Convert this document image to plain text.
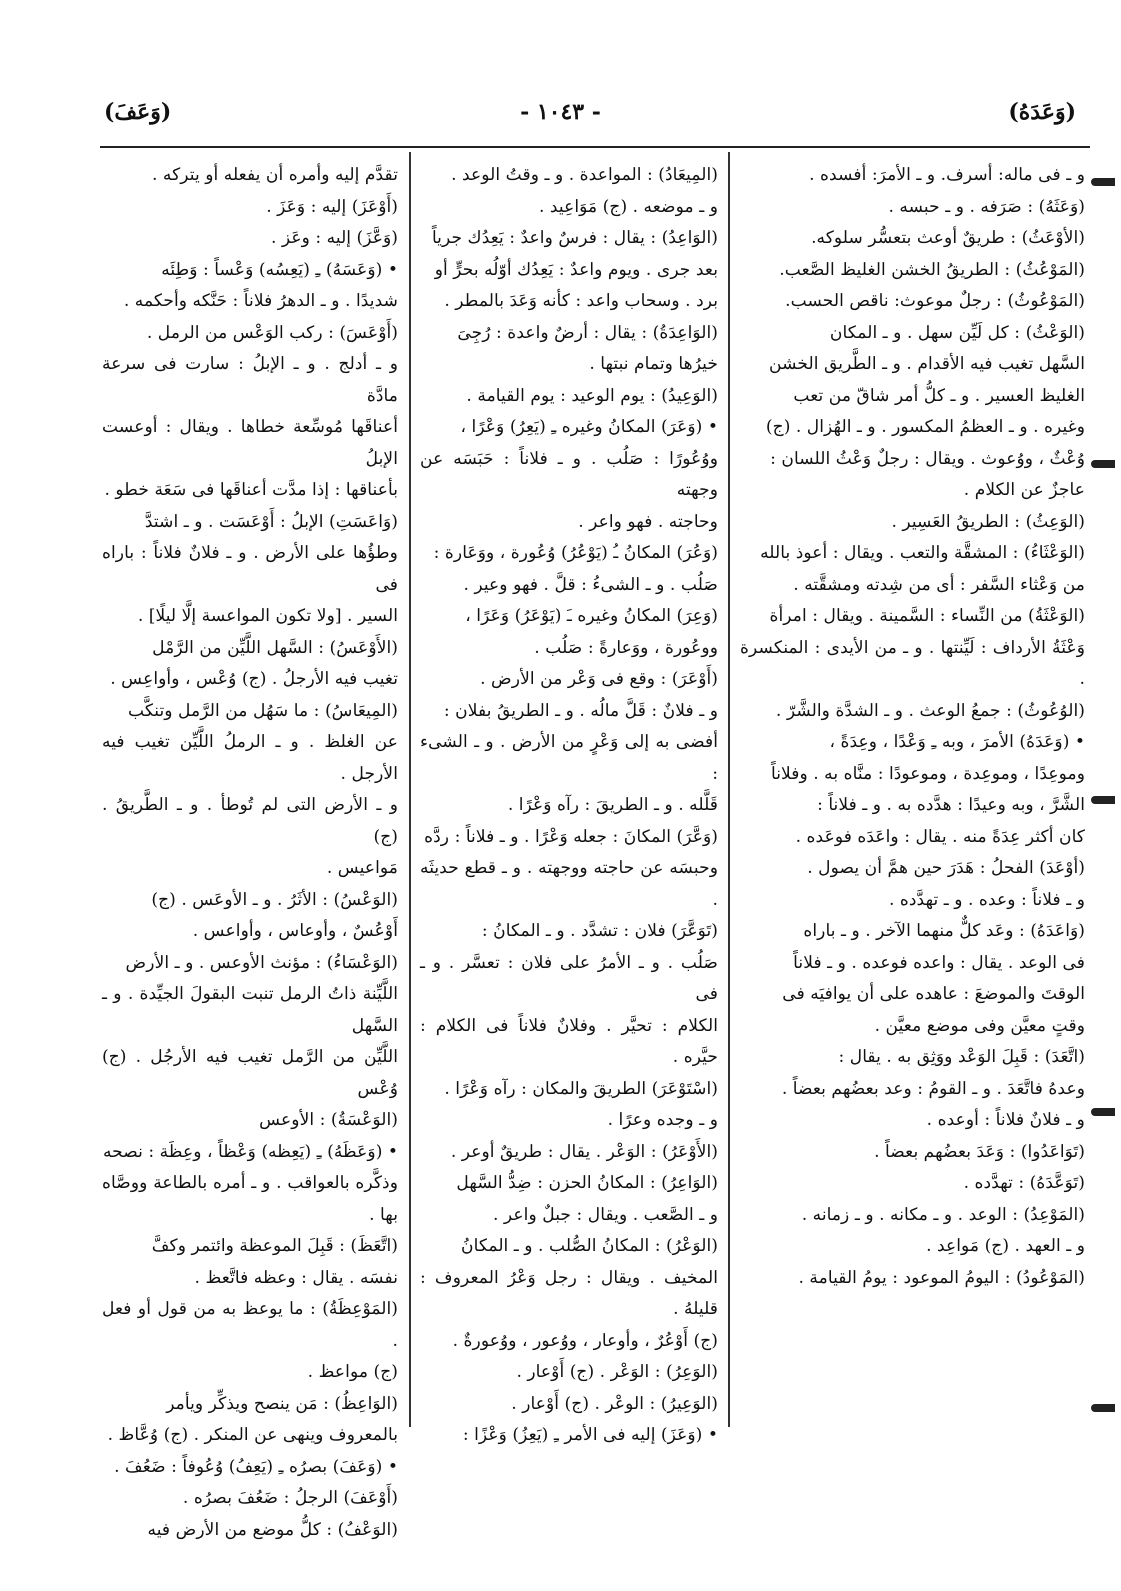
(وَعَدَهُ)
- ١٠٤٣ -
(وَعَفَ)

و ـ فى ماله: أسرف. و ـ الأمرَ: أفسده .

(وَعَثَهُ) : صَرَفه . و ـ حبسه .

(الأوْعَثُ) : طريقٌ أوعث بتعسُّر سلوكه.

(المَوْعُثُ) : الطريقُ الخشن الغليظ الصَّعب.

(المَوْعُوثُ) : رجلٌ موعوث: ناقص الحسب.

(الوَعْثُ) : كل لَيِّن سهل . و ـ المكان

السَّهل تغيب فيه الأقدام . و ـ الطَّريق الخشن

الغليظ العسير . و ـ كلُّ أمر شاقّ من تعب

وغيره . و ـ العظمُ المكسور . و ـ الهُزال . (ج)

وُعْثٌ ، ووُعوث . ويقال : رجلٌ وَعْثُ اللسان :

عاجزٌ عن الكلام .

(الوَعِثُ) : الطريقُ العَسِير .

(الوَعْثَاءُ) : المشقَّة والتعب . ويقال : أعوذ بالله

من وَعْثاء السَّفر : أى من شِدته ومشقَّته .

(الوَعْثَةُ) من النِّساء : السَّمينة . ويقال : امرأة

وَعْثَةُ الأرداف : لَيِّنتها . و ـ من الأيدى : المنكسرة .

(الوُعُوثُ) : جمعُ الوعث . و ـ الشدَّة والشَّرّ .

• (وَعَدَهُ) الأمرَ ، وبه ـِ وَعْدًا ، وعِدَةً ،

وموعِدًا ، وموعِدة ، وموعودًا : منَّاه به . وفلاناً

الشَّرَّ ، وبه وعيدًا : هدَّده به . و ـ فلاناً :

كان أكثر عِدَةً منه . يقال : واعَدَه فوعَده .

(أوْعَدَ) الفحلُ : هَدَرَ حين همَّ أن يصول .

و ـ فلاناً : وعده . و ـ تهدَّده .

(وَاعَدَهُ) : وعَد كلٌّ منهما الآخر . و ـ باراه

فى الوعد . يقال : واعده فوعده . و ـ فلاناً

الوقتَ والموضعَ : عاهده على أن يوافيَه فى

وقتٍ معيَّن وفى موضع معيَّن .

(اتَّعَدَ) : قَبِلَ الوَعْد ووَثِق به . يقال :

وعدهُ فاتَّعَدَ . و ـ القومُ : وعد بعضُهم بعضاً .

و ـ فلانٌ فلاناً : أوعده .

(تَوَاعَدُوا) : وَعَدَ بعضُهم بعضاً .

(تَوَعَّدَهُ) : تهدَّده .

(المَوْعِدُ) : الوعد . و ـ مكانه . و ـ زمانه .

و ـ العهد . (ج) مَواعِد .

(المَوْعُودُ) : اليومُ الموعود : يومُ القيامة .

(المِيعَادُ) : المواعدة . و ـ وقتُ الوعد .

و ـ موضعه . (ج) مَوَاعِيد .

(الوَاعِدُ) : يقال : فرسٌ واعدٌ : يَعِدُك جرياً

بعد جرى . ويوم واعدٌ : يَعِدُك أوّلُه بحرٍّ أو

برد . وسحاب واعد : كأنه وَعَدَ بالمطر .

(الوَاعِدَةُ) : يقال : أرضٌ واعدة : رُجِىَ

خيرُها وتمام نبتها .

(الوَعِيدُ) : يوم الوعيد : يوم القيامة .

• (وَعَرَ) المكانُ وغيره ـِ (يَعِرُ) وَعْرًا ،

ووُعُورًا : صَلُب . و ـ فلاناً : حَبَسَه عن وجهته

وحاجته . فهو واعر .

(وَعُرَ) المكانُ ـُ (يَوْعُرُ) وُعُورة ، ووَعَارة :

صَلُب . و ـ الشىءُ : قلَّ . فهو وعير .

(وَعِرَ) المكانُ وغيره ـَ (يَوْعَرُ) وَعَرًا ،

ووعُورة ، ووَعارةً : صَلُب .

(أَوْعَرَ) : وقع فى وَعْر من الأرض .

و ـ فلانٌ : قَلَّ مالُه . و ـ الطريقُ بفلان :

أفضى به إلى وَعْرٍ من الأرض . و ـ الشىء :

قَلَّله . و ـ الطريقَ : رآه وَعْرًا .

(وَعَّرَ) المكانَ : جعله وَعْرًا . و ـ فلاناً : ردَّه

وحبسَه عن حاجته ووجهته . و ـ قطع حديثَه .

(تَوَعَّرَ) فلان : تشدَّد . و ـ المكانُ :

صَلُب . و ـ الأمرُ على فلان : تعسَّر . و ـ فى

الكلام : تحيَّر . وفلانٌ فلاناً فى الكلام : حيَّره .

(اسْتَوْعَرَ) الطريقَ والمكان : رآه وَعْرًا .

و ـ وجده وعرًا .

(الأَوْعَرُ) : الوَعْر . يقال : طريقٌ أوعر .

(الوَاعِرُ) : المكانُ الحزن : ضِدُّ السَّهل

و ـ الصَّعب . ويقال : جبلٌ واعر .

(الوَعْرُ) : المكانُ الصُّلب . و ـ المكانُ

المخيف . ويقال : رجل وَعْرُ المعروف : قليلهُ .

(ج) أَوْعُرٌ ، وأوعار ، ووُعور ، ووُعورةٌ .

(الوَعِرُ) : الوَعْر . (ج) أَوْعار .

(الوَعِيرُ) : الوعْر . (ج) أَوْعار .

• (وَعَزَ) إليه فى الأمر ـِ (يَعِزُ) وَعْزًا :

تقدَّم إليه وأمره أن يفعله أو يتركه .

(أَوْعَزَ) إليه : وَعَزَ .

(وَعَّزَ) إليه : وعَز .

• (وَعَسَهُ) ـِ (يَعِسُه) وَعْساً : وَطِئَه

شديدًا . و ـ الدهرُ فلاناً : حَنَّكه وأحكمه .

(أَوْعَسَ) : ركب الوَعْس من الرمل .

و ـ أدلج . و ـ الإبلُ : سارت فى سرعة مادَّة

أعناقَها مُوسِّعة خطاها . ويقال : أوعست الإبلُ

بأعناقها : إذا مدَّت أعناقَها فى سَعَة خطو .

(وَاعَسَتِ) الإبلُ : أَوْعَسَت . و ـ اشتدَّ

وطؤُها على الأرض . و ـ فلانٌ فلاناً : باراه فى

السير . [ولا تكون المواعسة إلَّا ليلًا] .

(الأَوْعَسُ) : السَّهل اللَّيِّن من الرَّمْل

تغيب فيه الأرجلُ . (ج) وُعْس ، وأواعِس .

(المِيعَاسُ) : ما سَهُل من الرَّمل وتنكَّب

عن الغلظ . و ـ الرملُ اللَّيِّن تغيب فيه الأرجل .

و ـ الأرض التى لم تُوطأ . و ـ الطَّريقُ . (ج)

مَواعيس .

(الوَعْسُ) : الأثَرُ . و ـ الأوعَس . (ج)

أَوْعُسٌ ، وأوعاس ، وأواعس .

(الوَعْسَاءُ) : مؤنث الأوعس . و ـ الأرض

اللَّيِّنة ذاتُ الرمل تنبت البقولَ الجيِّدة . و ـ السَّهل

اللَّيِّن من الرَّمل تغيب فيه الأرجُل . (ج) وُعْس

(الوَعْسَةُ) : الأوعس

• (وَعَظَهُ) ـِ (يَعِظه) وَعْظاً ، وعِظَة : نصحه

وذكَّره بالعواقب . و ـ أمره بالطاعة ووصَّاه بها .

(اتَّعَظَ) : قَبِلَ الموعظة وائتمر وكفَّ

نفسَه . يقال : وعظه فاتَّعظ .

(المَوْعِظَةُ) : ما يوعظ به من قول أو فعل .

(ج) مواعظ .

(الوَاعِظُ) : مَن ينصح ويذكِّر ويأمر

بالمعروف وينهى عن المنكر . (ج) وُعَّاظ .

• (وَعَفَ) بصرُه ـِ (يَعِفُ) وُعُوفاً : ضَعُفَ .

(أَوْعَفَ) الرجلُ : ضَعُفَ بصرُه .

(الوَعْفُ) : كلُّ موضع من الأرض فيه
